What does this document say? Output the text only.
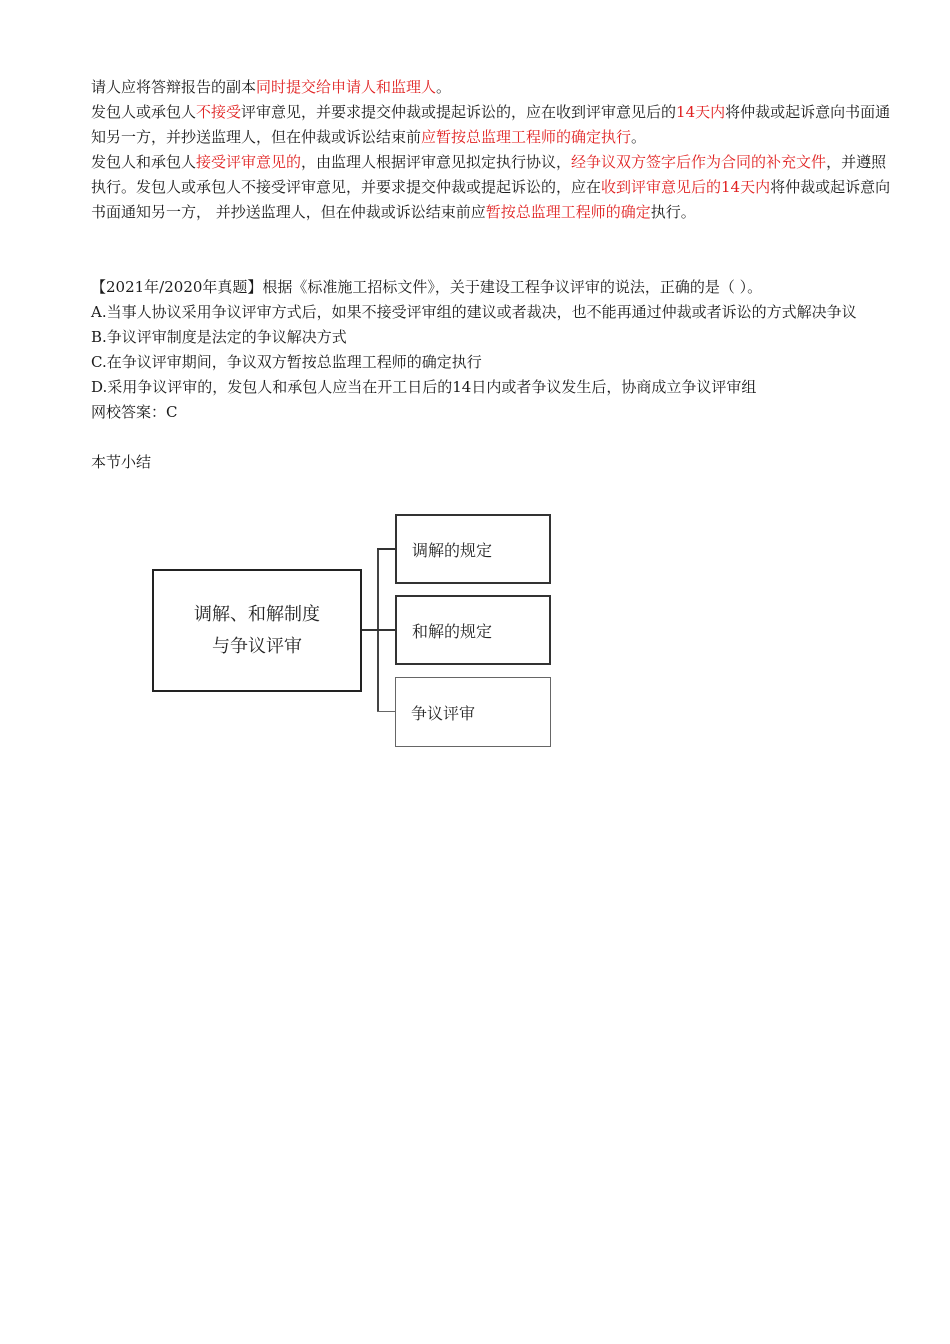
请人应将答辩报告的副本同时提交给申请人和监理人。

发包人或承包人不接受评审意见，并要求提交仲裁或提起诉讼的，应在收到评审意见后的14天内将仲裁或起诉意向书面通知另一方，并抄送监理人，但在仲裁或诉讼结束前应暂按总监理工程师的确定执行。

发包人和承包人接受评审意见的，由监理人根据评审意见拟定执行协议，经争议双方签字后作为合同的补充文件，并遵照执行。发包人或承包人不接受评审意见，并要求提交仲裁或提起诉讼的，应在收到评审意见后的14天内将仲裁或起诉意向书面通知另一方， 并抄送监理人，但在仲裁或诉讼结束前应暂按总监理工程师的确定执行。

【2021年/2020年真题】根据《标准施工招标文件》，关于建设工程争议评审的说法，正确的是（ ）。

A.当事人协议采用争议评审方式后，如果不接受评审组的建议或者裁决，也不能再通过仲裁或者诉讼的方式解决争议

B.争议评审制度是法定的争议解决方式

C.在争议评审期间，争议双方暂按总监理工程师的确定执行

D.采用争议评审的，发包人和承包人应当在开工日后的14日内或者争议发生后，协商成立争议评审组

网校答案：C

本节小结

调解、和解制度
与争议评审
调解的规定
和解的规定
争议评审
